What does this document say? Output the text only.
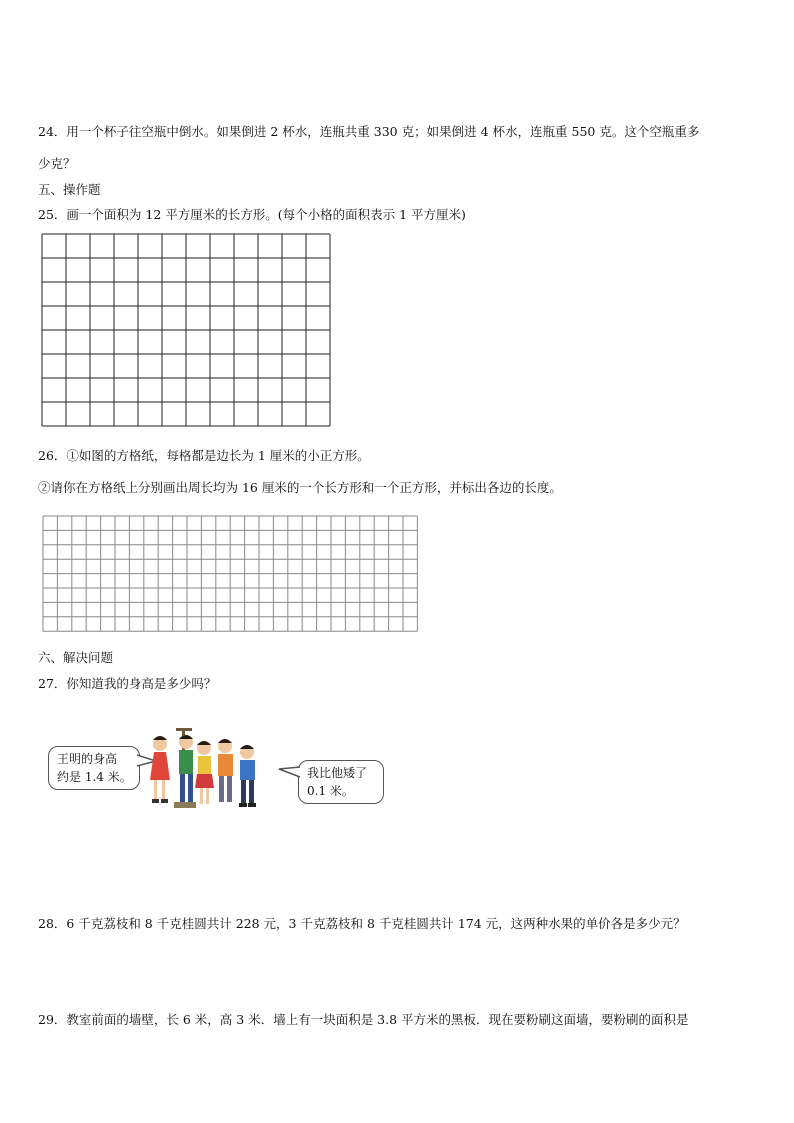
24．用一个杯子往空瓶中倒水。如果倒进 2 杯水，连瓶共重 330 克；如果倒进 4 杯水，连瓶重 550 克。这个空瓶重多
少克？
五、操作题
25．画一个面积为 12 平方厘米的长方形。(每个小格的面积表示 1 平方厘米)
26．①如图的方格纸，每格都是边长为 1 厘米的小正方形。
②请你在方格纸上分别画出周长均为 16 厘米的一个长方形和一个正方形，并标出各边的长度。
六、解决问题
27．你知道我的身高是多少吗？
王明的身高
约是 1.4 米。	我比他矮了
0.1 米。
28．6 千克荔枝和 8 千克桂圆共计 228 元，3 千克荔枝和 8 千克桂圆共计 174 元，这两种水果的单价各是多少元？
29．教室前面的墙壁，长 6 米，高 3 米．墙上有一块面积是 3.8 平方米的黑板．现在要粉刷这面墙，要粉刷的面积是
